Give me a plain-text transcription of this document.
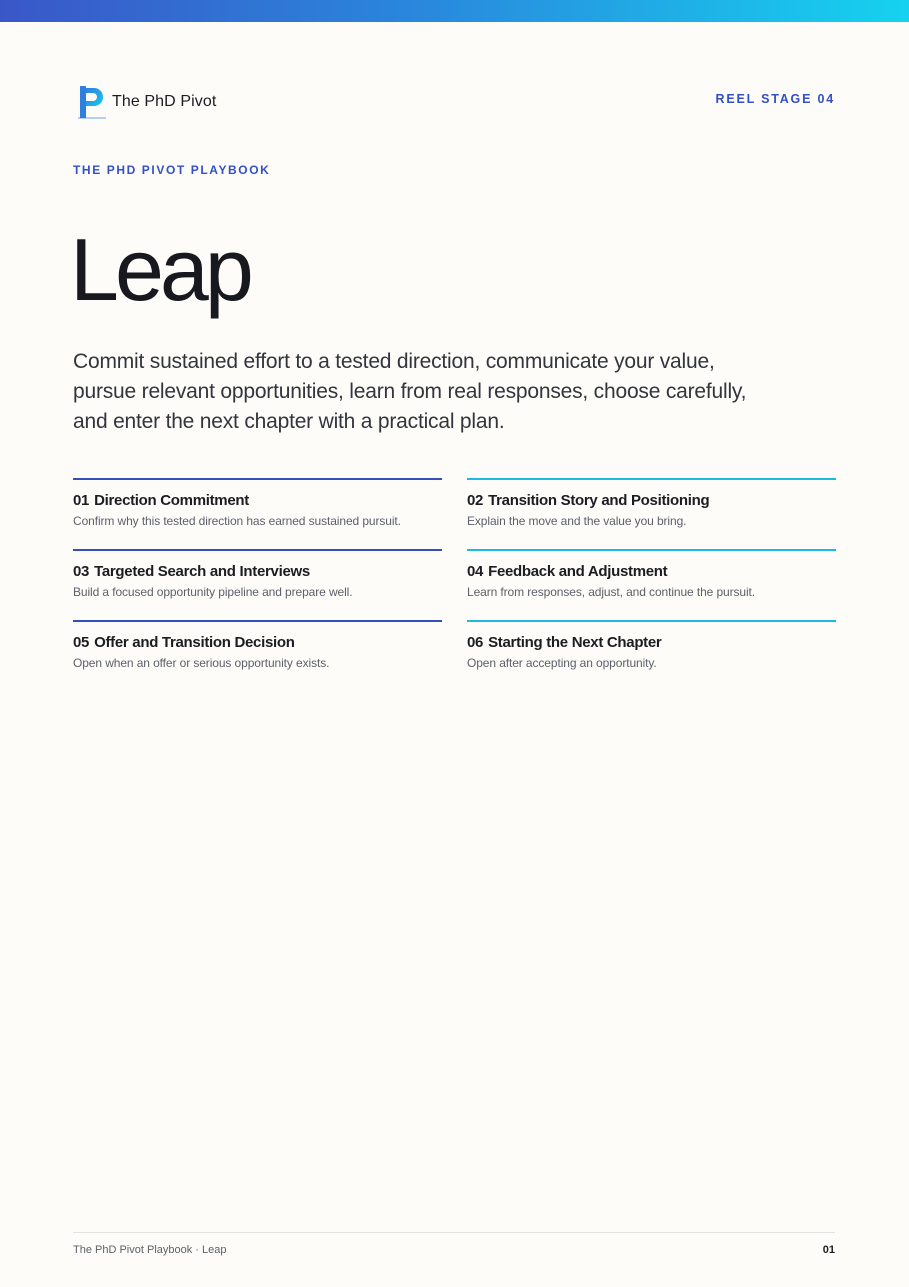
The PhD Pivot	REEL STAGE 04
THE PHD PIVOT PLAYBOOK
Leap

Commit sustained effort to a tested direction, communicate your value, pursue relevant opportunities, learn from real responses, choose carefully, and enter the next chapter with a practical plan.

01 Direction Commitment
Confirm why this tested direction has earned sustained pursuit.
02 Transition Story and Positioning
Explain the move and the value you bring.
03 Targeted Search and Interviews
Build a focused opportunity pipeline and prepare well.
04 Feedback and Adjustment
Learn from responses, adjust, and continue the pursuit.
05 Offer and Transition Decision
Open when an offer or serious opportunity exists.
06 Starting the Next Chapter
Open after accepting an opportunity.
The PhD Pivot Playbook · Leap	01
